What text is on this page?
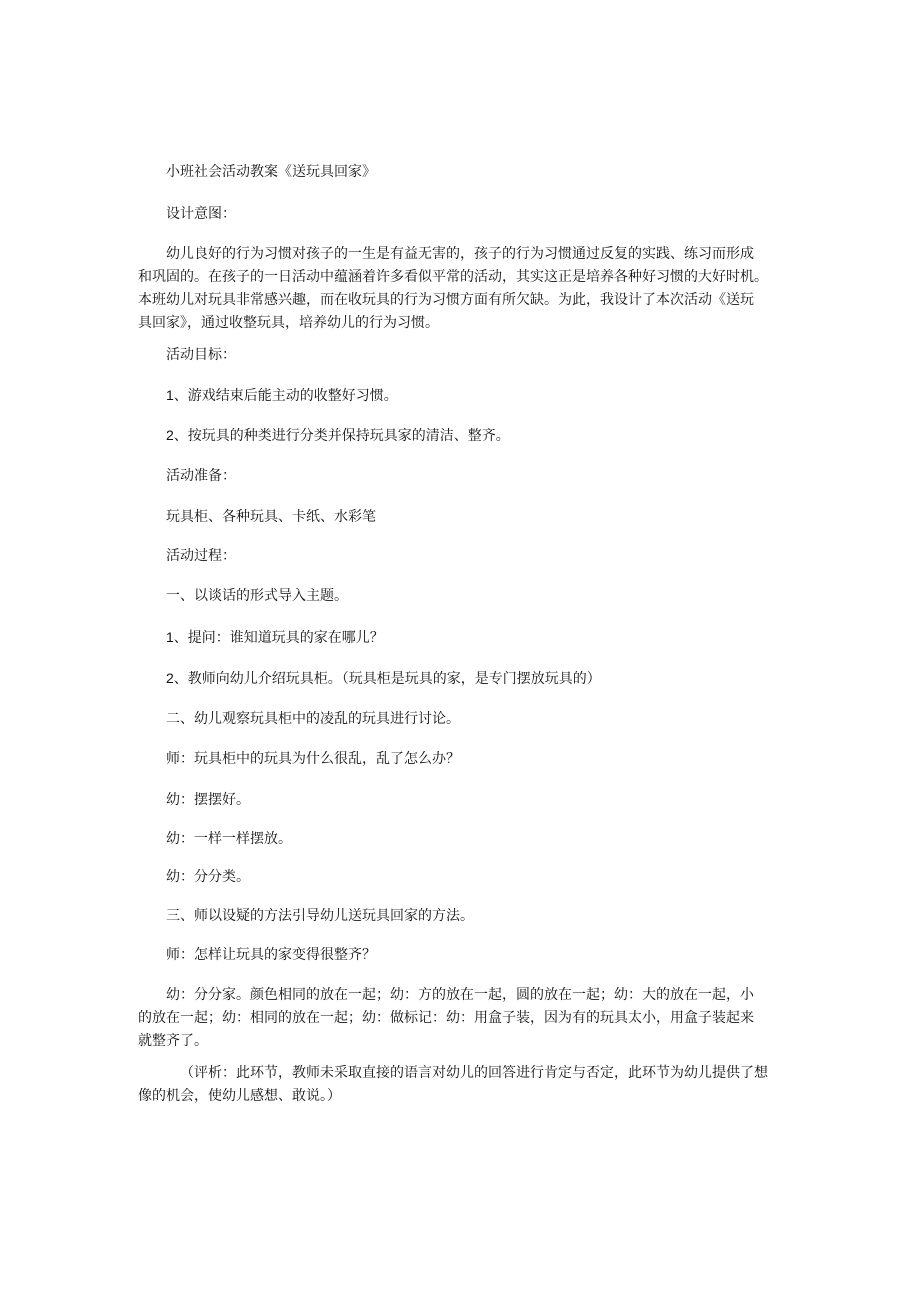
小班社会活动教案《送玩具回家》
设计意图：
幼儿良好的行为习惯对孩子的一生是有益无害的，孩子的行为习惯通过反复的实践、练习而形成
和巩固的。在孩子的一日活动中蕴涵着许多看似平常的活动，其实这正是培养各种好习惯的大好时机。
本班幼儿对玩具非常感兴趣，而在收玩具的行为习惯方面有所欠缺。为此，我设计了本次活动《送玩
具回家》，通过收整玩具，培养幼儿的行为习惯。
活动目标：
1、游戏结束后能主动的收整好习惯。
2、按玩具的种类进行分类并保持玩具家的清洁、整齐。
活动准备：
玩具柜、各种玩具、卡纸、水彩笔
活动过程：
一、以谈话的形式导入主题。
1、提问：谁知道玩具的家在哪儿？
2、教师向幼儿介绍玩具柜。（玩具柜是玩具的家，是专门摆放玩具的）
二、幼儿观察玩具柜中的凌乱的玩具进行讨论。
师：玩具柜中的玩具为什么很乱，乱了怎么办？
幼：摆摆好。
幼：一样一样摆放。
幼：分分类。
三、师以设疑的方法引导幼儿送玩具回家的方法。
师：怎样让玩具的家变得很整齐？
幼：分分家。颜色相同的放在一起；幼：方的放在一起，圆的放在一起；幼：大的放在一起，小
的放在一起；幼：相同的放在一起；幼：做标记：幼：用盒子装，因为有的玩具太小，用盒子装起来
就整齐了。
（评析：此环节，教师未采取直接的语言对幼儿的回答进行肯定与否定，此环节为幼儿提供了想
像的机会，使幼儿感想、敢说。）
